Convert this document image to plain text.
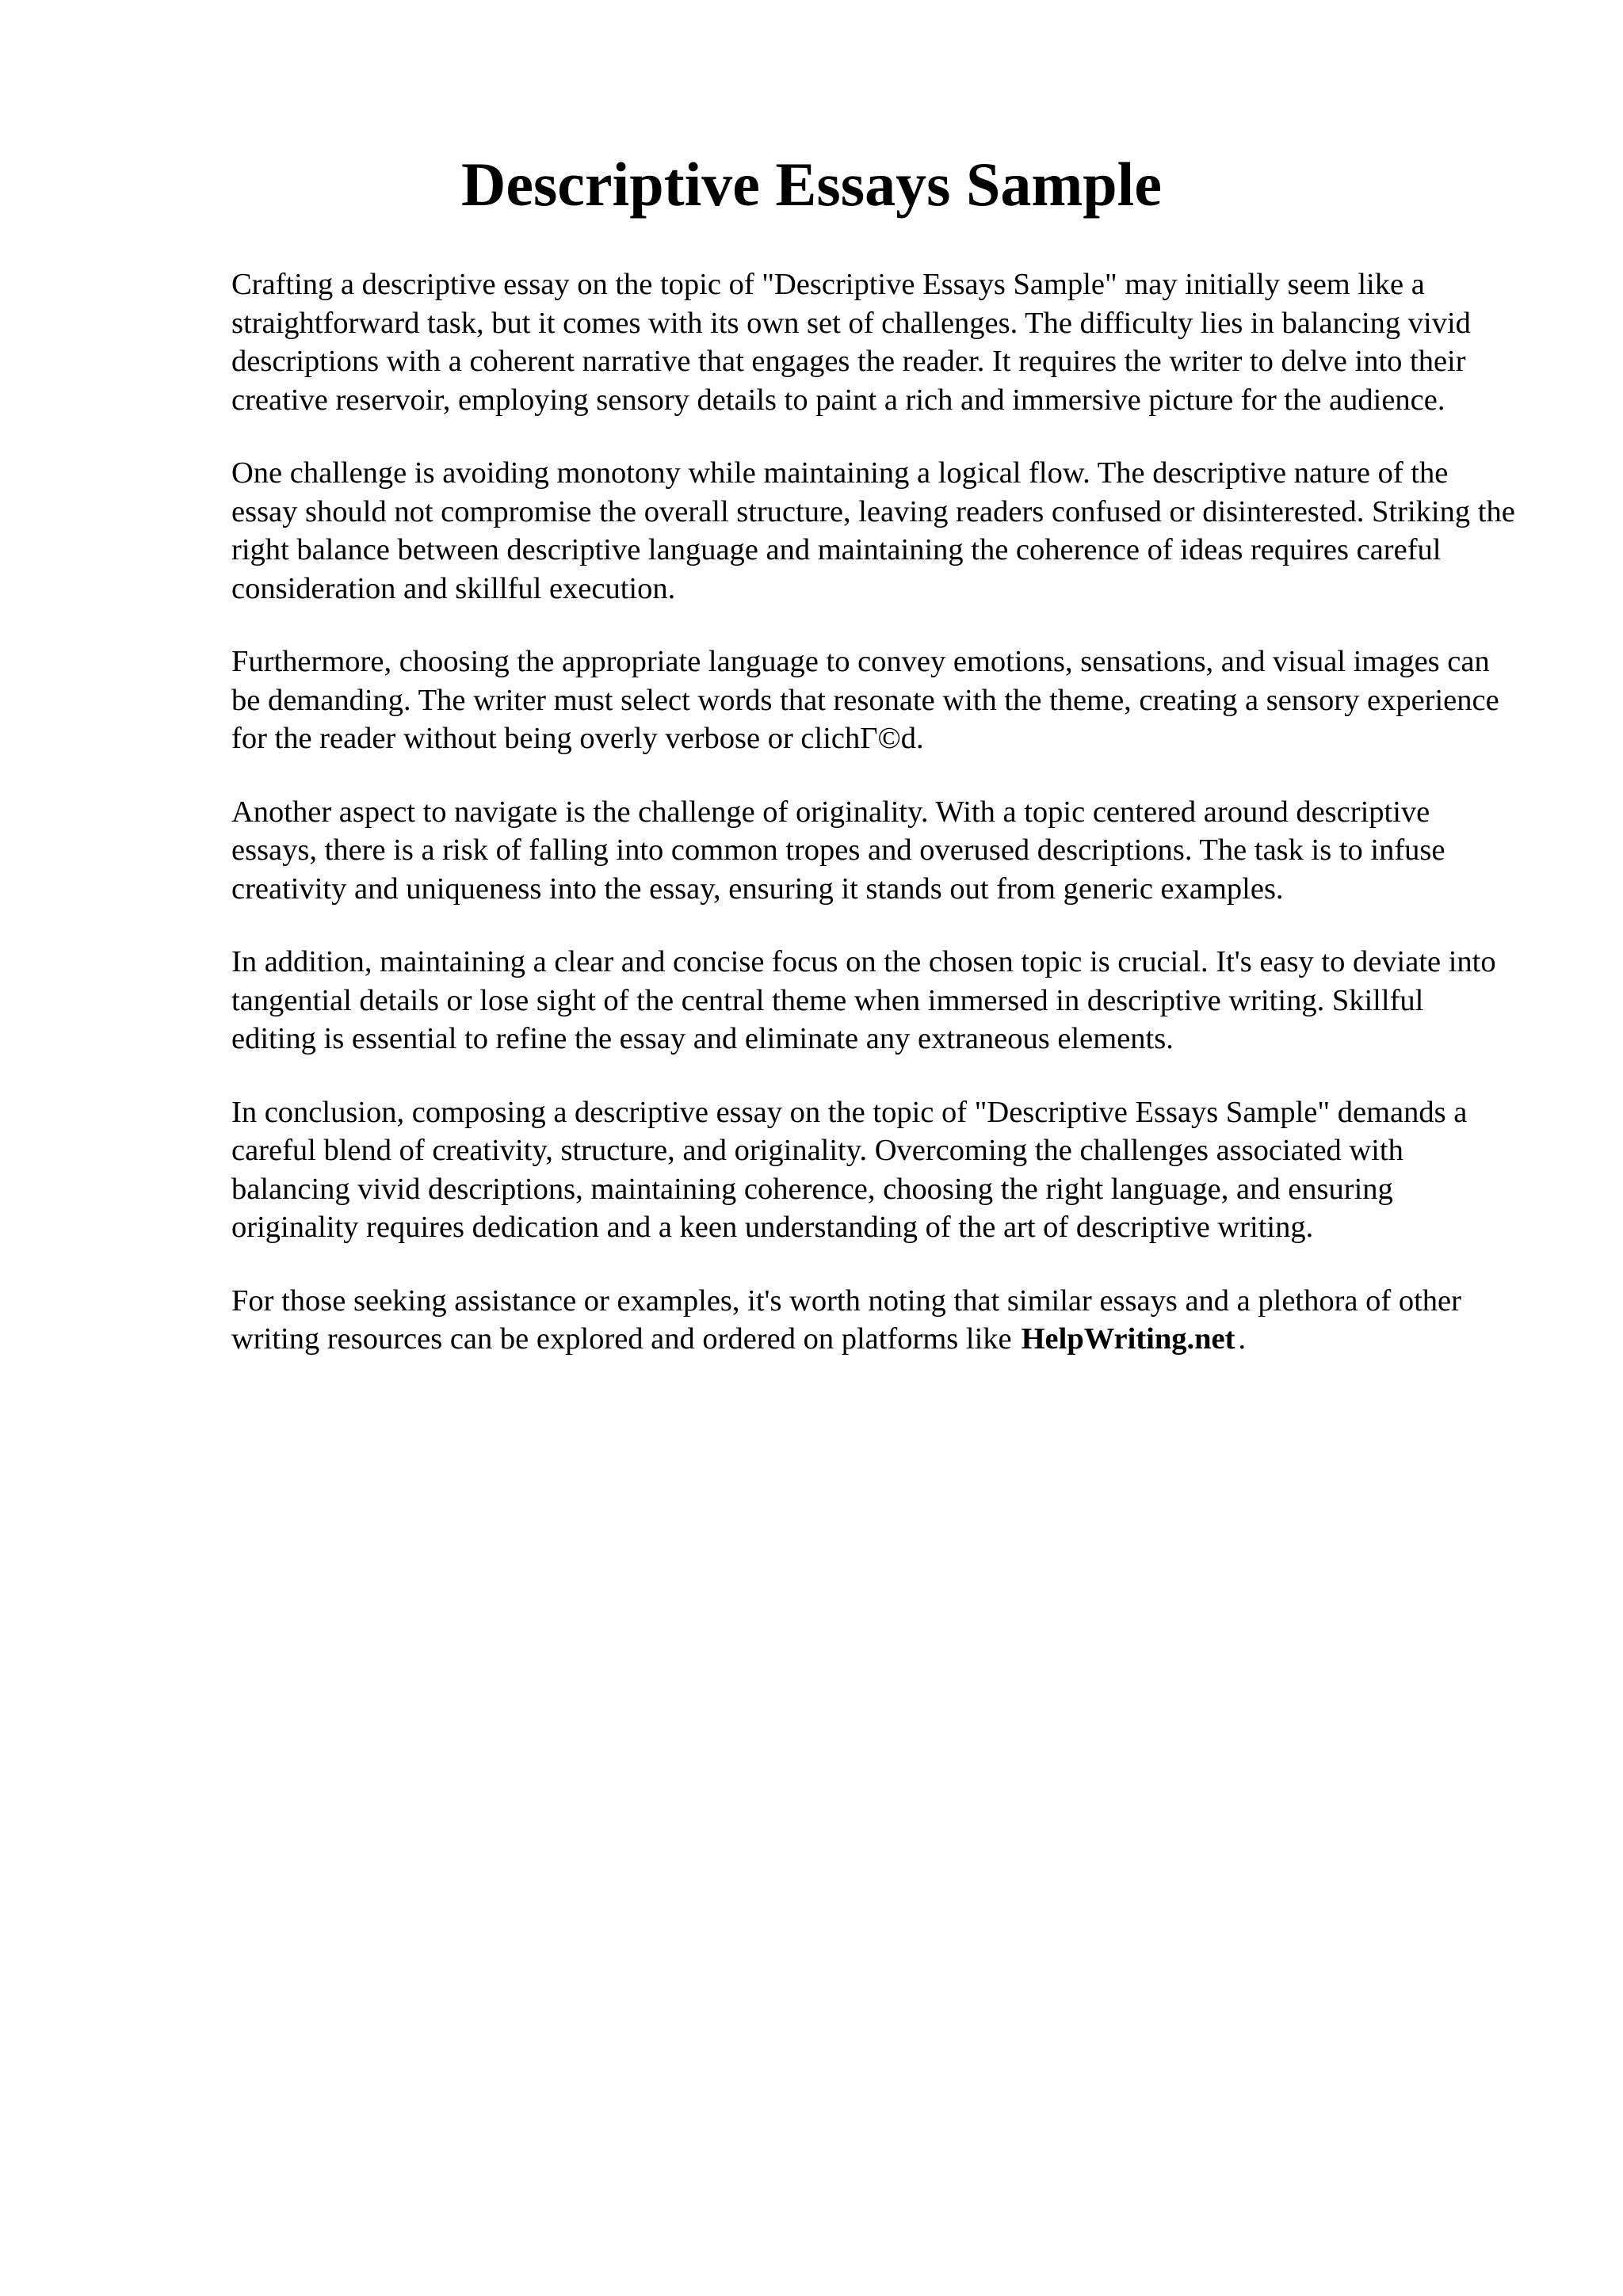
Descriptive Essays Sample

Crafting a descriptive essay on the topic of "Descriptive Essays Sample" may initially seem like a straightforward task, but it comes with its own set of challenges. The difficulty lies in balancing vivid descriptions with a coherent narrative that engages the reader. It requires the writer to delve into their creative reservoir, employing sensory details to paint a rich and immersive picture for the audience.

One challenge is avoiding monotony while maintaining a logical flow. The descriptive nature of the essay should not compromise the overall structure, leaving readers confused or disinterested. Striking the right balance between descriptive language and maintaining the coherence of ideas requires careful consideration and skillful execution.

Furthermore, choosing the appropriate language to convey emotions, sensations, and visual images can be demanding. The writer must select words that resonate with the theme, creating a sensory experience for the reader without being overly verbose or clichΓ©d.

Another aspect to navigate is the challenge of originality. With a topic centered around descriptive essays, there is a risk of falling into common tropes and overused descriptions. The task is to infuse creativity and uniqueness into the essay, ensuring it stands out from generic examples.

In addition, maintaining a clear and concise focus on the chosen topic is crucial. It's easy to deviate into tangential details or lose sight of the central theme when immersed in descriptive writing. Skillful editing is essential to refine the essay and eliminate any extraneous elements.

In conclusion, composing a descriptive essay on the topic of "Descriptive Essays Sample" demands a careful blend of creativity, structure, and originality. Overcoming the challenges associated with balancing vivid descriptions, maintaining coherence, choosing the right language, and ensuring originality requires dedication and a keen understanding of the art of descriptive writing.

For those seeking assistance or examples, it's worth noting that similar essays and a plethora of other writing resources can be explored and ordered on platforms like HelpWriting.net .
